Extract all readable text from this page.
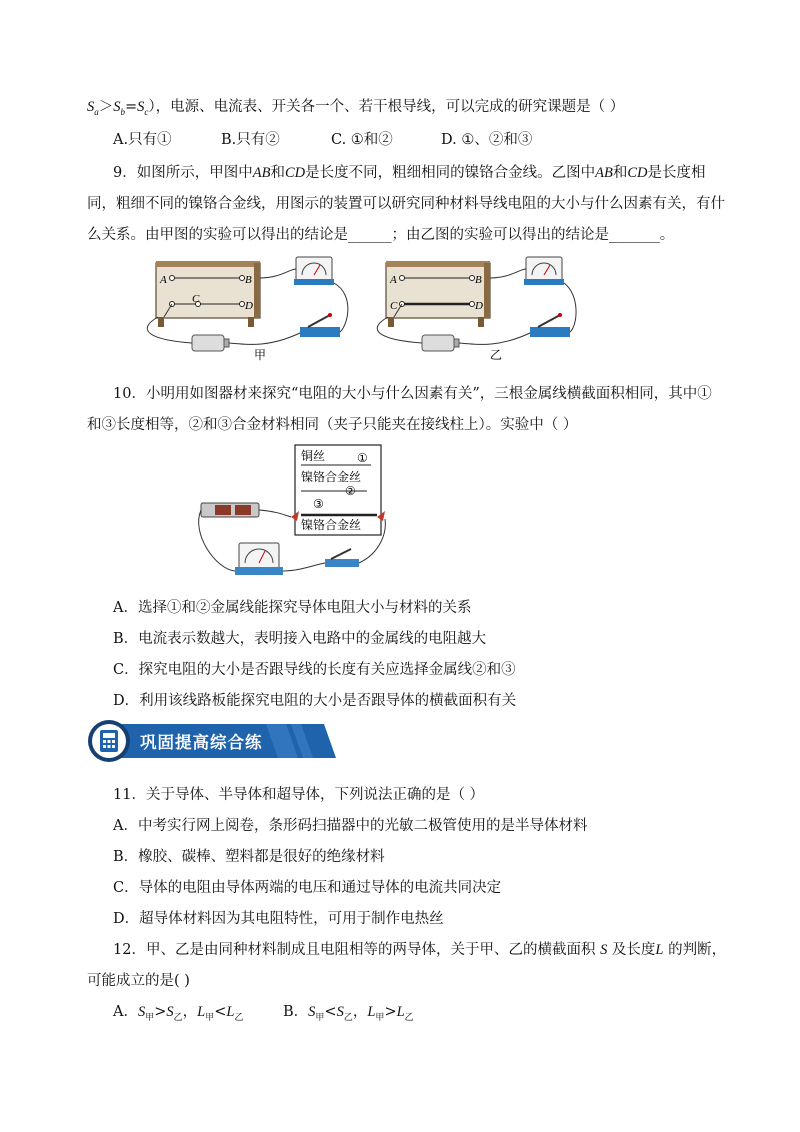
$S_a>S_b=S_c$），电源、电流表、开关各一个、若干根导线，可以完成的研究课题是（ ）
A.只有①	B.只有②	C. ①和②	D. ①、②和③
9．如图所示，甲图中AB和CD是长度不同，粗细相同的镍铬合金线。乙图中AB和CD是长度相
同，粗细不同的镍铬合金线，用图示的装置可以研究同种材料导线电阻的大小与什么因素有关，有什
么关系。由甲图的实验可以得出的结论是______；由乙图的实验可以得出的结论是_______。
A	B
C
D
A	B
C	D
甲	乙
10．小明用如图器材来探究“电阻的大小与什么因素有关”，三根金属线横截面积相同，其中①
和③长度相等，②和③合金材料相同（夹子只能夹在接线柱上）。实验中（ ）
铜丝	①
镍铬合金丝
②
③
镍铬合金丝
A．选择①和②金属线能探究导体电阻大小与材料的关系
B．电流表示数越大，表明接入电路中的金属线的电阻越大
C．探究电阻的大小是否跟导线的长度有关应选择金属线②和③
D．利用该线路板能探究电阻的大小是否跟导体的横截面积有关
巩固提高综合练
11．关于导体、半导体和超导体，下列说法正确的是（ ）
A．中考实行网上阅卷，条形码扫描器中的光敏二极管使用的是半导体材料
B．橡胶、碳棒、塑料都是很好的绝缘材料
C．导体的电阻由导体两端的电压和通过导体的电流共同决定
D．超导体材料因为其电阻特性，可用于制作电热丝
12．甲、乙是由同种材料制成且电阻相等的两导体，关于甲、乙的横截面积 S 及长度L 的判断，
可能成立的是( )
A．$S_甲>S_乙$，$L_甲<L_乙$	B．$S_甲<S_乙$，$L_甲>L_乙$
